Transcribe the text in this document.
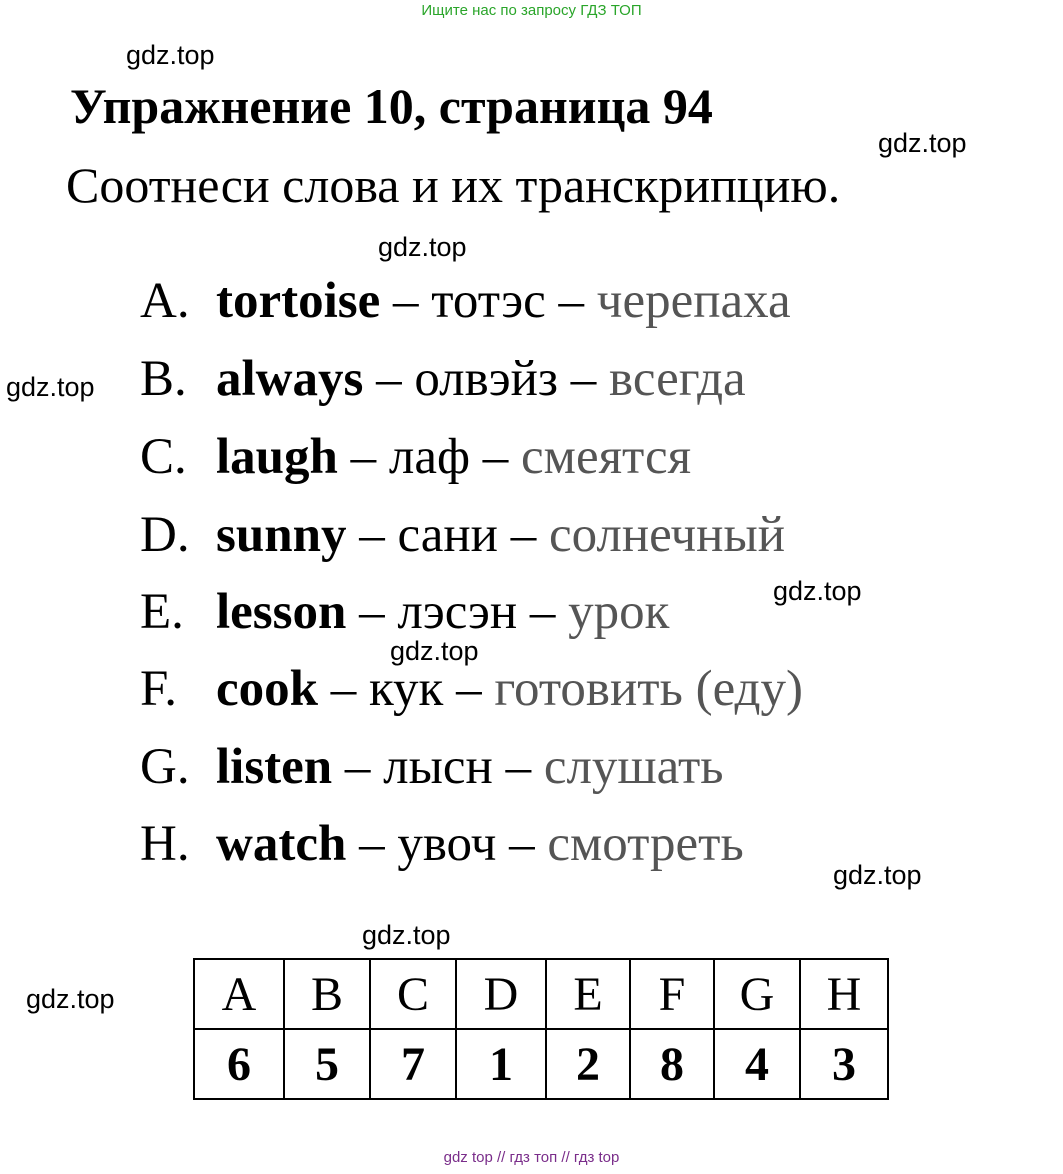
Ищите нас по запросу ГДЗ ТОП
gdz.top
gdz.top
gdz.top
gdz.top
gdz.top
gdz.top
gdz.top
gdz.top
gdz.top
Упражнение 10, страница 94
Соотнеси слова и их транскрипцию.
A. tortoise – тотэс – черепаха
B. always – олвэйз – всегда
C. laugh – лаф – смеятся
D. sunny – сани – солнечный
E. lesson – лэсэн – урок
F. cook – кук – готовить (еду)
G. listen – лысн – слушать
H. watch – увоч – смотреть
A	B	C	D	E	F	G	H
6	5	7	1	2	8	4	3
gdz top // гдз топ // гдз top
